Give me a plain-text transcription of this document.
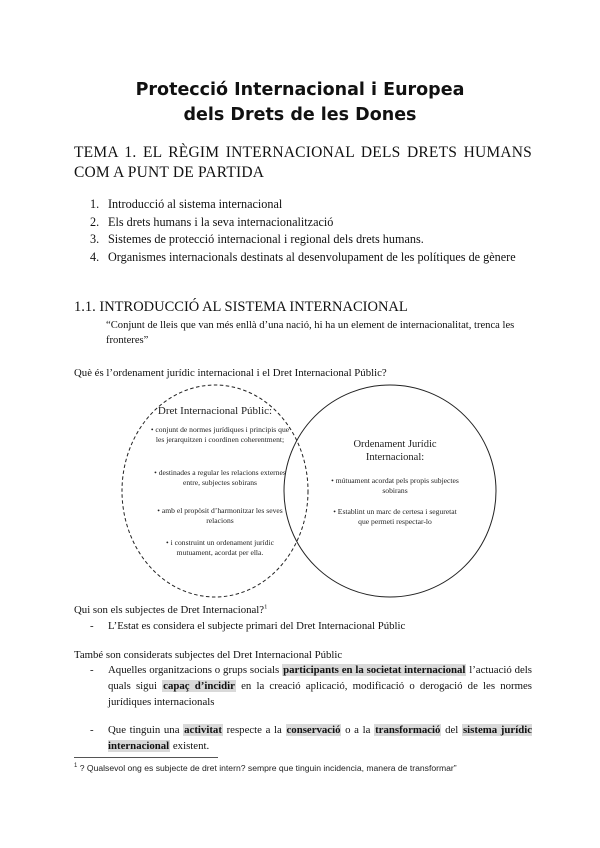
Protecció Internacional i Europea
dels Drets de les Dones
TEMA 1. EL RÈGIM INTERNACIONAL DELS DRETS HUMANS COM A PUNT DE PARTIDA
1. Introducció al sistema internacional
2. Els drets humans i la seva internacionalització
3. Sistemes de protecció internacional i regional dels drets humans.
4. Organismes internacionals destinats al desenvolupament de les polítiques de gènere
1.1. INTRODUCCIÓ AL SISTEMA INTERNACIONAL
“Conjunt de lleis que van més enllà d’una nació, hi ha un element de internacionalitat, trenca les fronteres”
Què és l’ordenament jurídic internacional i el Dret Internacional Públic?
Dret Internacional Públic:
• conjunt de normes jurídiques i principis que les jerarquitzen i coordinen coherentment;
• destinades a regular les relacions externes entre, subjectes sobirans
• amb el propòsit d’harmonitzar les seves relacions
• i construint un ordenament jurídic mutuament, acordat per ella.
Ordenament Jurídic Internacional:
• mútuament acordat pels propis subjectes sobirans
• Establint un marc de certesa i seguretat que permeti respectar-lo
Qui son els subjectes de Dret Internacional?$^1$
- L’Estat es considera el subjecte primari del Dret Internacional Públic
També son considerats subjectes del Dret Internacional Públic
- Aquelles organitzacions o grups socials participants en la societat internacional l’actuació dels quals sigui capaç d’incidir en la creació aplicació, modificació o derogació de les normes jurídiques internacionals
- Que tinguin una activitat respecte a la conservació o a la transformació del sistema jurídic internacional existent.
$^1$ ? Qualsevol ong es subjecte de dret intern? sempre que tinguin incidencia, manera de transformar”
